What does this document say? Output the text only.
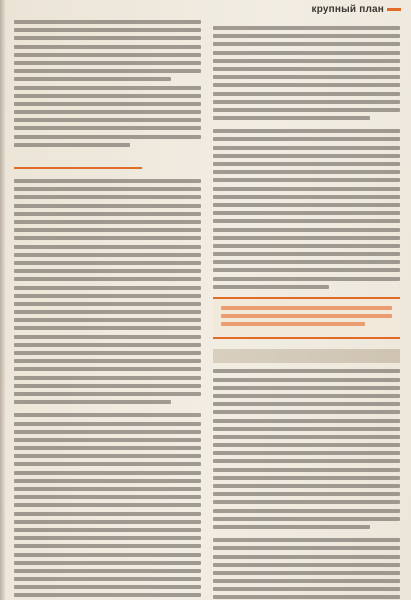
крупный план
